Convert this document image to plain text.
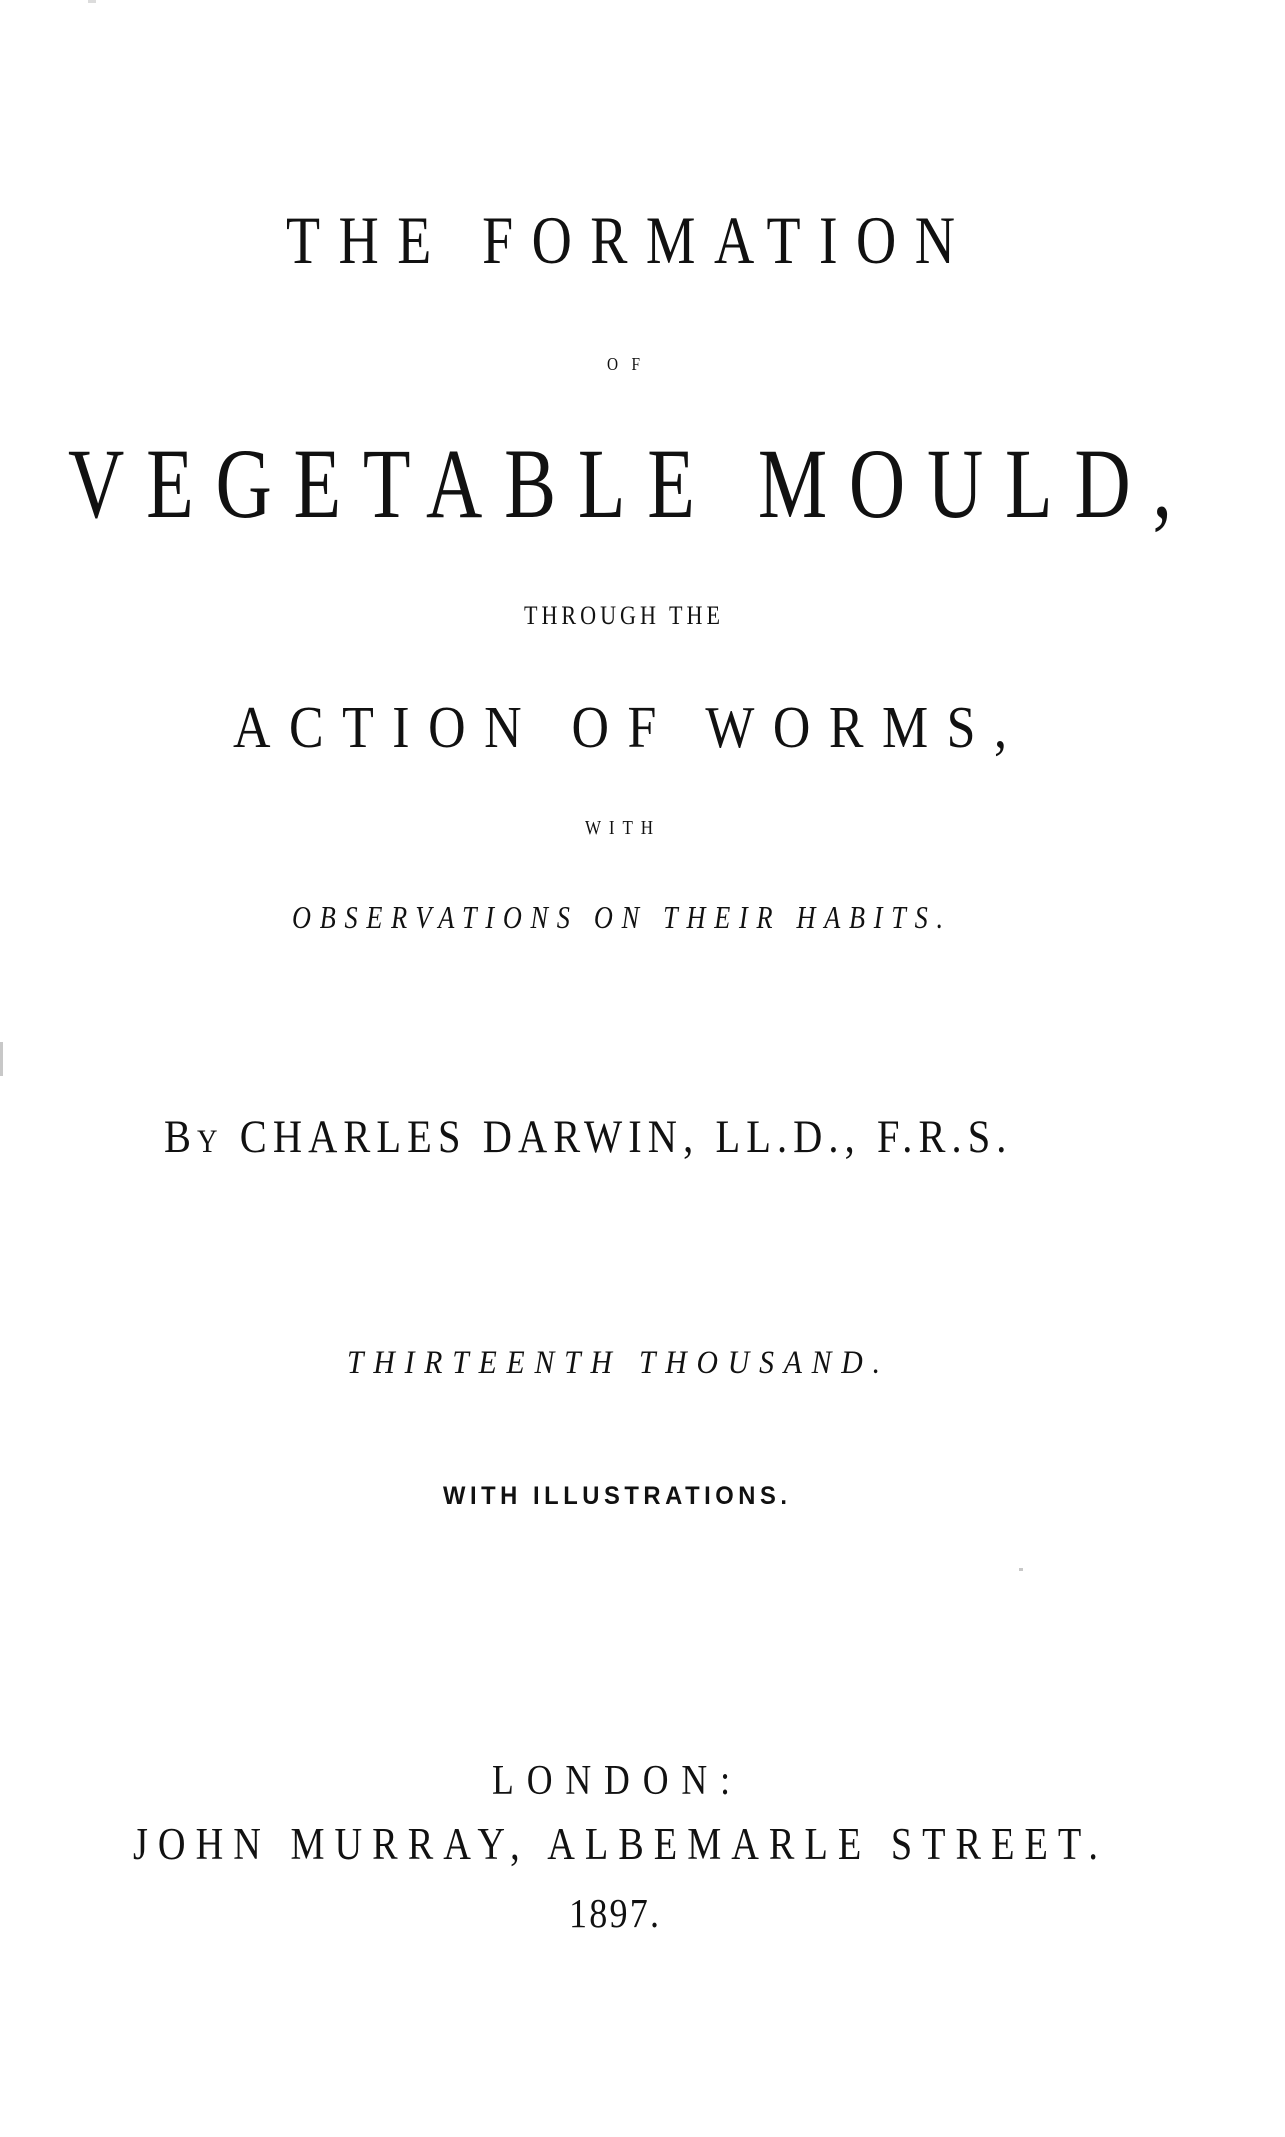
THE FORMATION
OF
VEGETABLE MOULD,
THROUGH THE
ACTION OF WORMS,
WITH
OBSERVATIONS ON THEIR HABITS.
By CHARLES DARWIN, LL.D., F.R.S.
THIRTEENTH THOUSAND.
WITH ILLUSTRATIONS.
LONDON:
JOHN MURRAY, ALBEMARLE STREET.
1897.
